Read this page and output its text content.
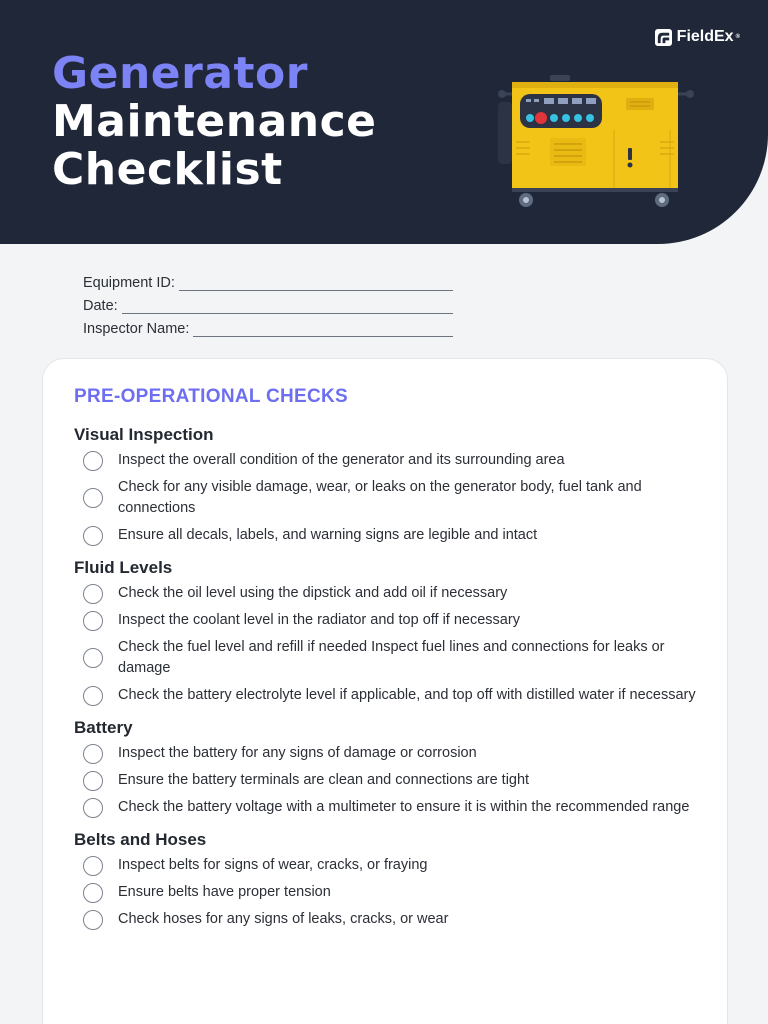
Generator
Maintenance
Checklist
FieldEx ®
Equipment ID:
Date:
Inspector Name:
PRE-OPERATIONAL CHECKS
Visual Inspection
Inspect the overall condition of the generator and its surrounding area
Check for any visible damage, wear, or leaks on the generator body, fuel tank and connections
Ensure all decals, labels, and warning signs are legible and intact
Fluid Levels
Check the oil level using the dipstick and add oil if necessary
Inspect the coolant level in the radiator and top off if necessary
Check the fuel level and refill if needed Inspect fuel lines and connections for leaks or damage
Check the battery electrolyte level if applicable, and top off with distilled water if necessary
Battery
Inspect the battery for any signs of damage or corrosion
Ensure the battery terminals are clean and connections are tight
Check the battery voltage with a multimeter to ensure it is within the recommended range
Belts and Hoses
Inspect belts for signs of wear, cracks, or fraying
Ensure belts have proper tension
Check hoses for any signs of leaks, cracks, or wear
